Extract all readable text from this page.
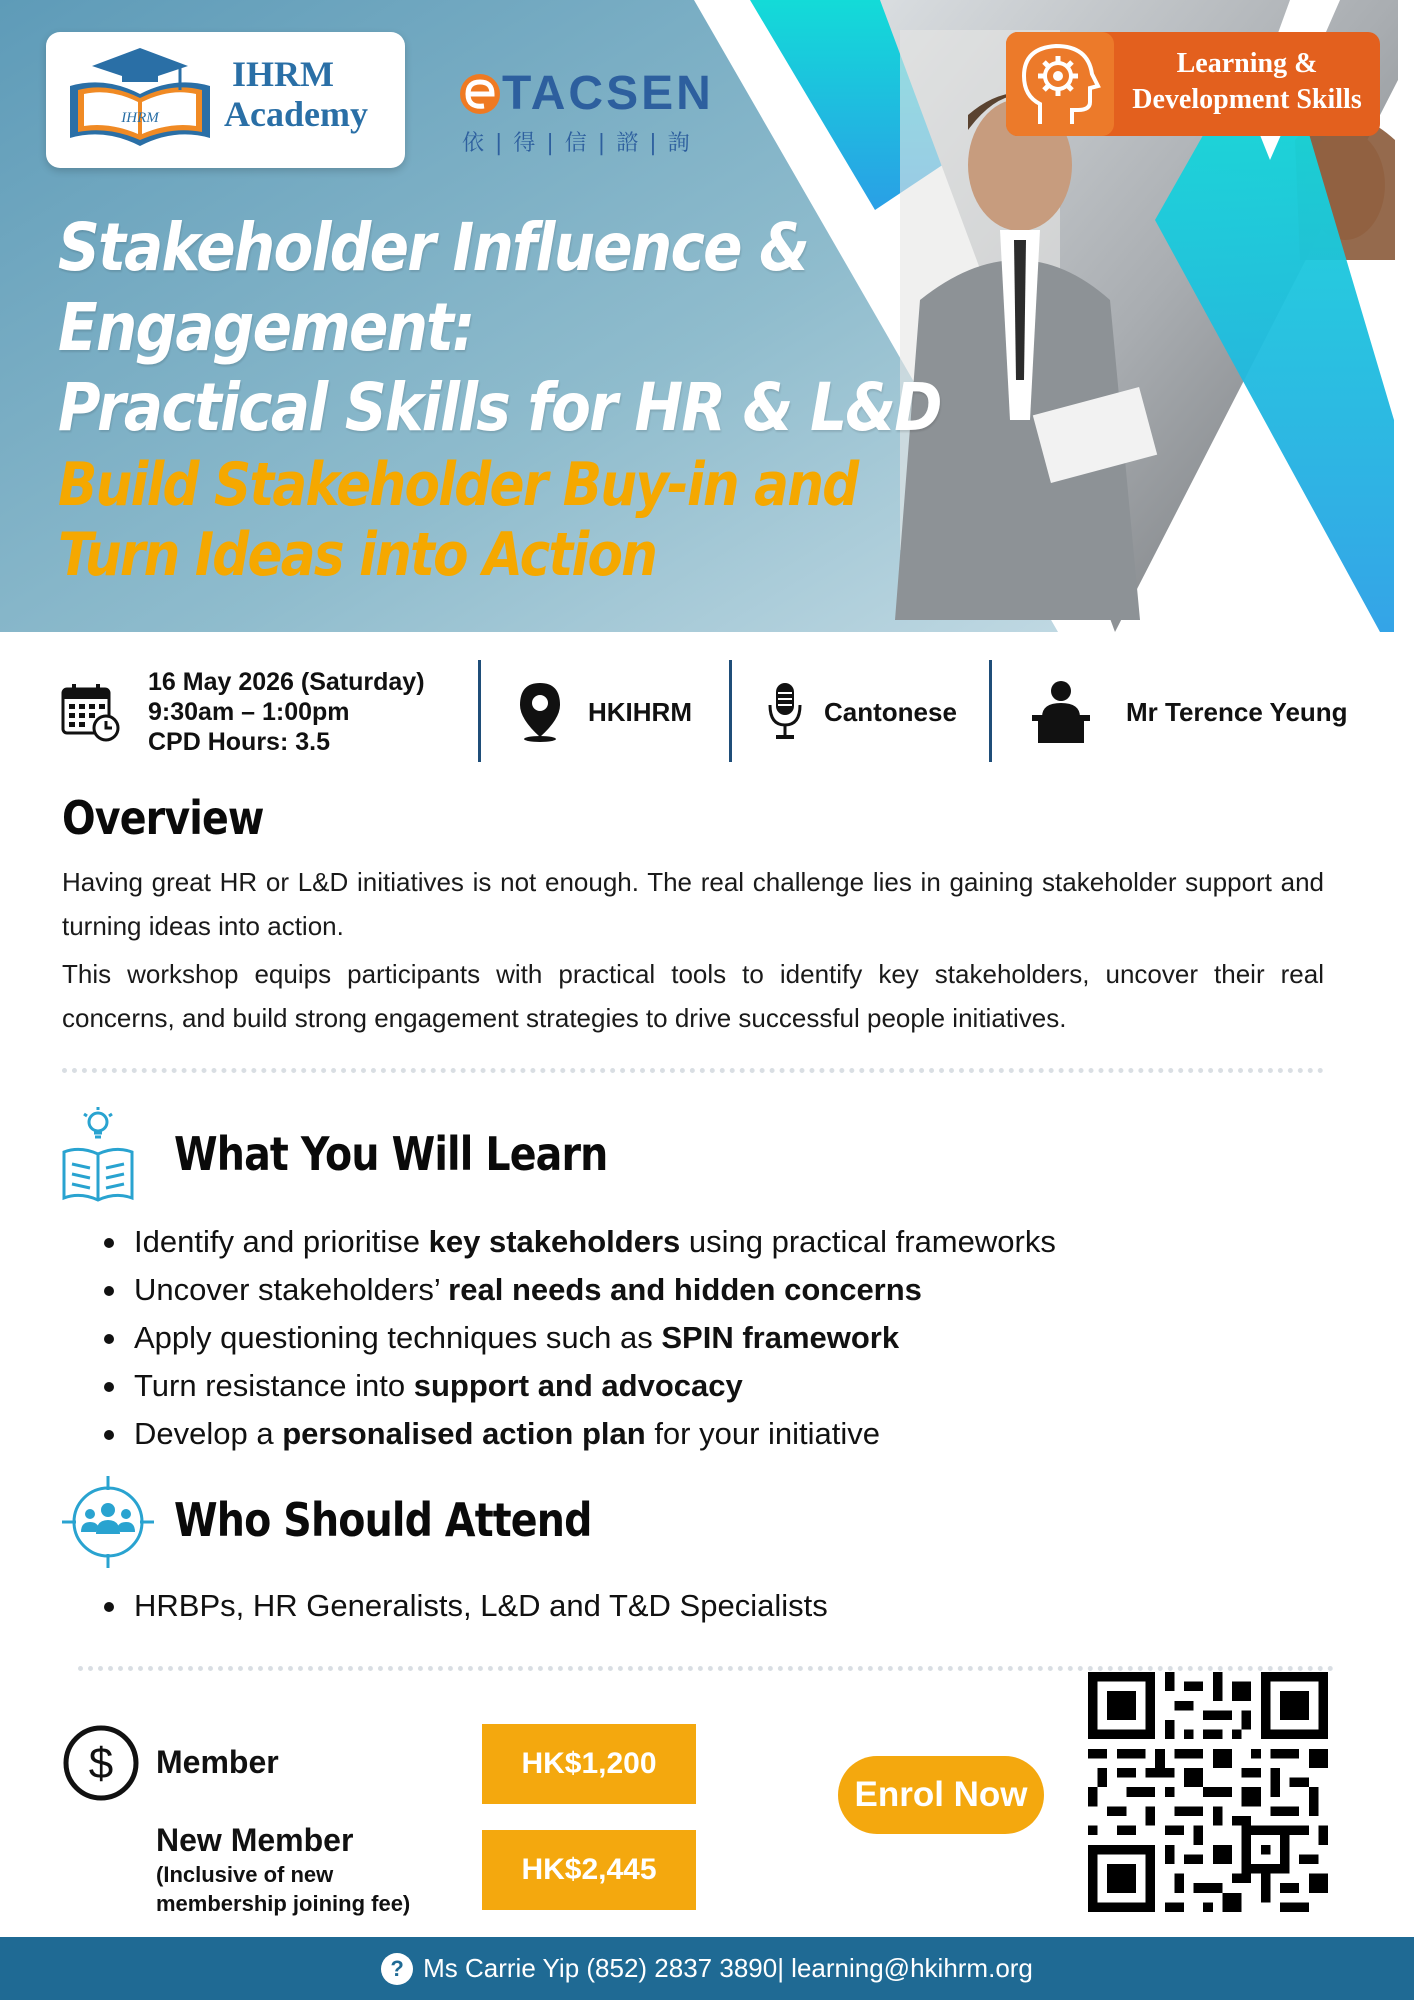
IHRM
IHRM
Academy	TACSEN
依 | 得 | 信 | 諮 | 詢
Learning &
Development Skills
Stakeholder Influence &
Engagement:
Practical Skills for HR & L&D
Build Stakeholder Buy-in and
Turn Ideas into Action
16 May 2026 (Saturday)
9:30am – 1:00pm
CPD Hours: 3.5
HKIHRM	Cantonese	Mr Terence Yeung
Overview

Having great HR or L&D initiatives is not enough. The real challenge lies in gaining stakeholder support and turning ideas into action.

This workshop equips participants with practical tools to identify key stakeholders, uncover their real concerns, and build strong engagement strategies to drive successful people initiatives.

What You Will Learn
Identify and prioritise key stakeholders using practical frameworks
Uncover stakeholders’ real needs and hidden concerns
Apply questioning techniques such as SPIN framework
Turn resistance into support and advocacy
Develop a personalised action plan for your initiative
Who Should Attend
HRBPs, HR Generalists, L&D and T&D Specialists
$ Member	HK$1,200
New Member
(Inclusive of new
membership joining fee)
HK$2,445
Enrol Now
? Ms Carrie Yip (852) 2837 3890| learning@hkihrm.org
